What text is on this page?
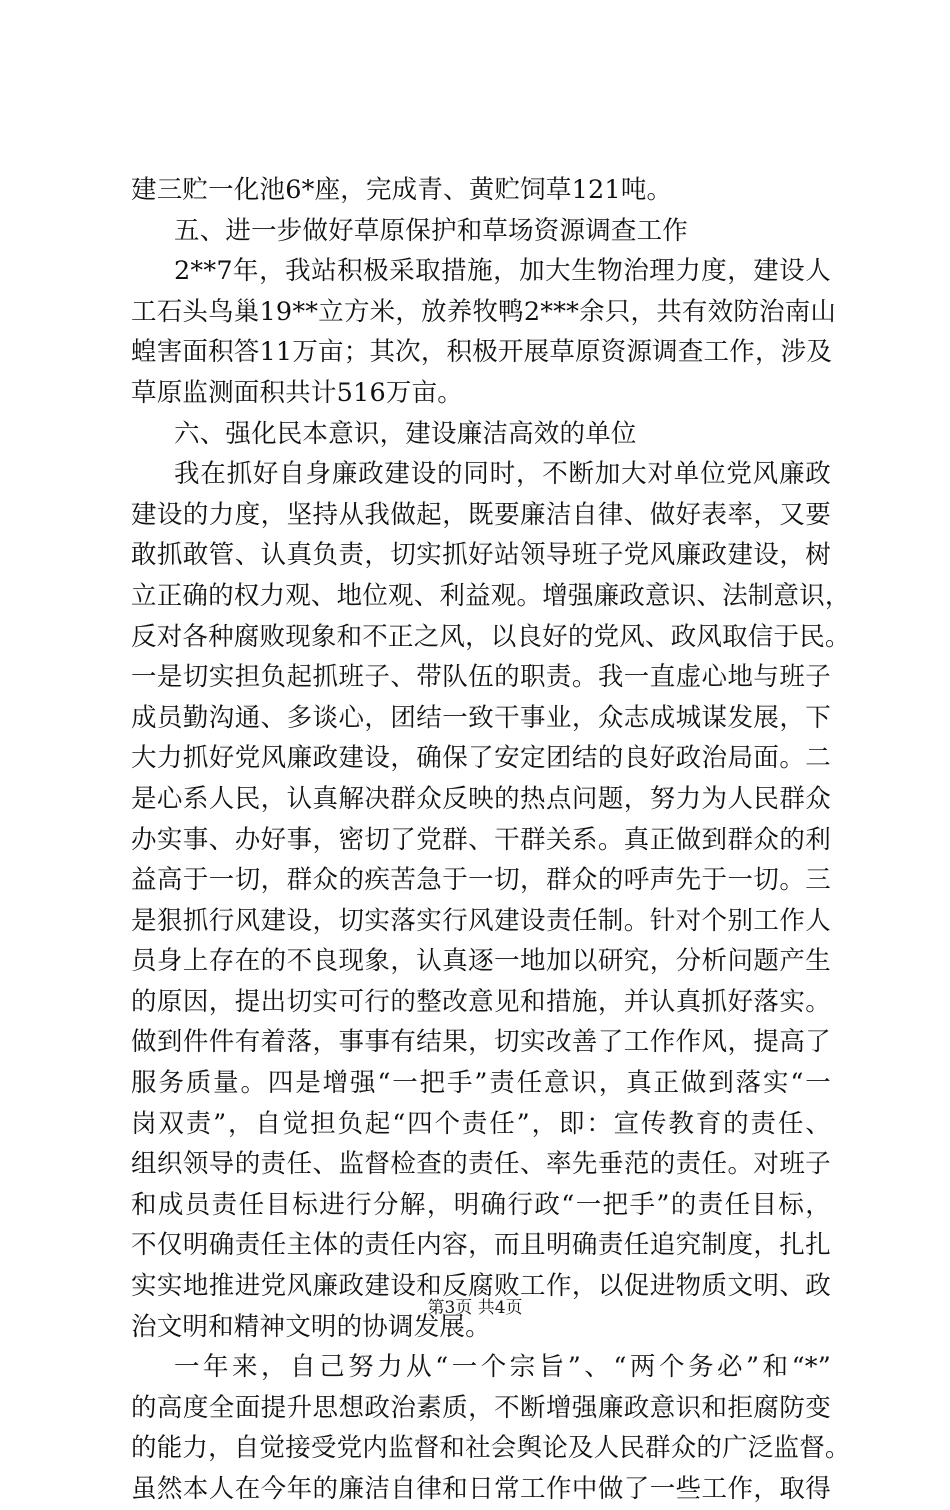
建三贮一化池6*座，完成青、黄贮饲草121吨。
五、进一步做好草原保护和草场资源调查工作
2**7年，我站积极采取措施，加大生物治理力度，建设人
工石头鸟巢19**立方米，放养牧鸭2***余只，共有效防治南山
蝗害面积答11万亩；其次，积极开展草原资源调查工作，涉及
草原监测面积共计516万亩。
六、强化民本意识，建设廉洁高效的单位
我在抓好自身廉政建设的同时，不断加大对单位党风廉政
建设的力度，坚持从我做起，既要廉洁自律、做好表率，又要
敢抓敢管、认真负责，切实抓好站领导班子党风廉政建设，树
立正确的权力观、地位观、利益观。增强廉政意识、法制意识，
反对各种腐败现象和不正之风，以良好的党风、政风取信于民。
一是切实担负起抓班子、带队伍的职责。我一直虚心地与班子
成员勤沟通、多谈心，团结一致干事业，众志成城谋发展，下
大力抓好党风廉政建设，确保了安定团结的良好政治局面。二
是心系人民，认真解决群众反映的热点问题，努力为人民群众
办实事、办好事，密切了党群、干群关系。真正做到群众的利
益高于一切，群众的疾苦急于一切，群众的呼声先于一切。三
是狠抓行风建设，切实落实行风建设责任制。针对个别工作人
员身上存在的不良现象，认真逐一地加以研究，分析问题产生
的原因，提出切实可行的整改意见和措施，并认真抓好落实。
做到件件有着落，事事有结果，切实改善了工作作风，提高了
服务质量。四是增强“一把手”责任意识，真正做到落实“一
岗双责”，自觉担负起“四个责任”，即：宣传教育的责任、
组织领导的责任、监督检查的责任、率先垂范的责任。对班子
和成员责任目标进行分解，明确行政“一把手”的责任目标，
不仅明确责任主体的责任内容，而且明确责任追究制度，扎扎
实实地推进党风廉政建设和反腐败工作，以促进物质文明、政
治文明和精神文明的协调发展。
一年来，自己努力从“一个宗旨”、“两个务必”和“*”
的高度全面提升思想政治素质，不断增强廉政意识和拒腐防变
的能力，自觉接受党内监督和社会舆论及人民群众的广泛监督。
虽然本人在今年的廉洁自律和日常工作中做了一些工作，取得
第3页 共4页
